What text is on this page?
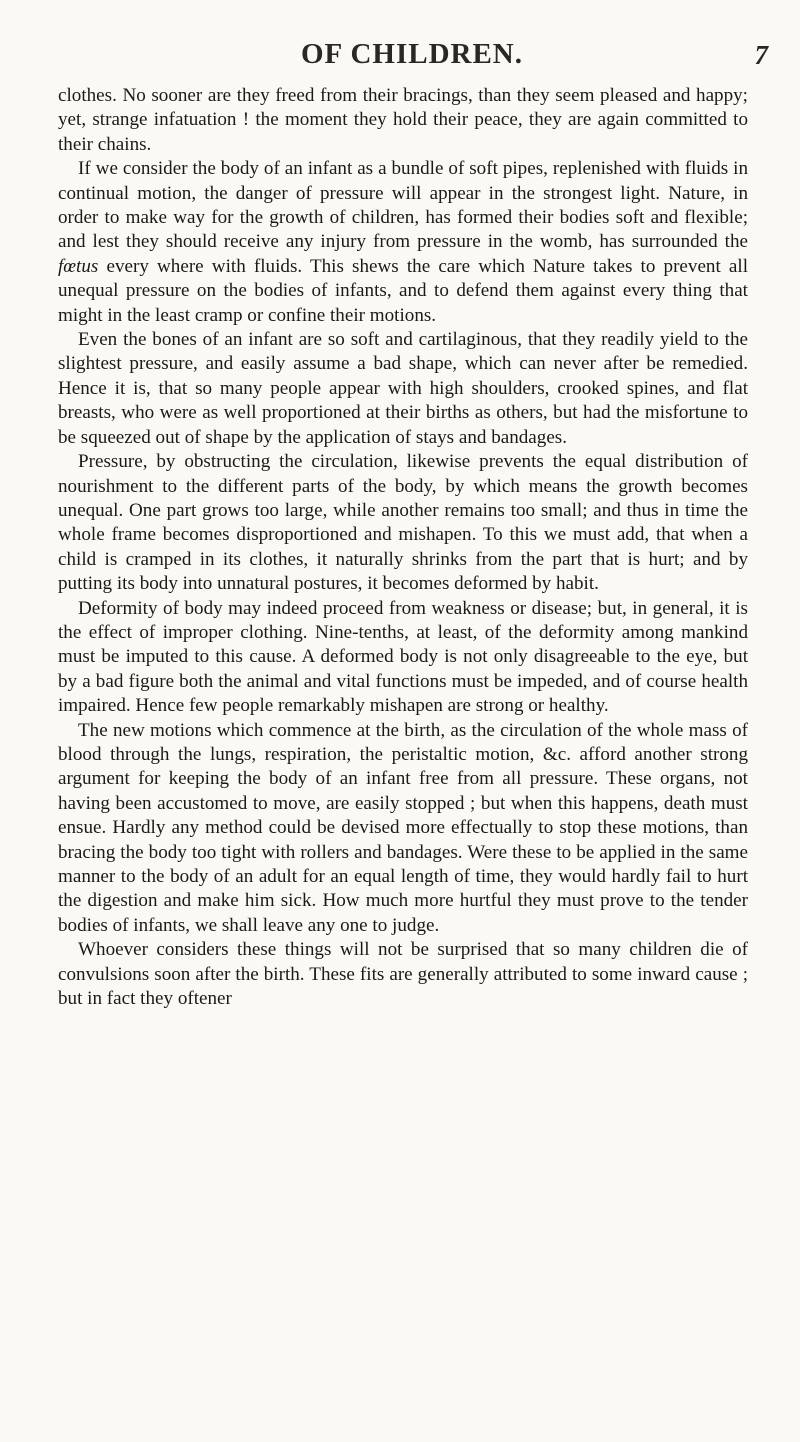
OF CHILDREN.	7

clothes. No sooner are they freed from their bracings, than they seem pleased and happy; yet, strange infatuation ! the moment they hold their peace, they are again committed to their chains.

If we consider the body of an infant as a bundle of soft pipes, replenished with fluids in continual motion, the danger of pressure will appear in the strongest light. Nature, in order to make way for the growth of children, has formed their bodies soft and flexible; and lest they should receive any injury from pressure in the womb, has surrounded the fœtus every where with fluids. This shews the care which Nature takes to prevent all unequal pressure on the bodies of infants, and to defend them against every thing that might in the least cramp or confine their motions.

Even the bones of an infant are so soft and cartilaginous, that they readily yield to the slightest pressure, and easily assume a bad shape, which can never after be remedied. Hence it is, that so many people appear with high shoulders, crooked spines, and flat breasts, who were as well proportioned at their births as others, but had the misfortune to be squeezed out of shape by the application of stays and bandages.

Pressure, by obstructing the circulation, likewise prevents the equal distribution of nourishment to the different parts of the body, by which means the growth becomes unequal. One part grows too large, while another remains too small; and thus in time the whole frame becomes disproportioned and mishapen. To this we must add, that when a child is cramped in its clothes, it naturally shrinks from the part that is hurt; and by putting its body into unnatural postures, it becomes deformed by habit.

Deformity of body may indeed proceed from weakness or disease; but, in general, it is the effect of improper clothing. Nine-tenths, at least, of the deformity among mankind must be imputed to this cause. A deformed body is not only disagreeable to the eye, but by a bad figure both the animal and vital functions must be impeded, and of course health impaired. Hence few people remarkably mishapen are strong or healthy.

The new motions which commence at the birth, as the circulation of the whole mass of blood through the lungs, respiration, the peristaltic motion, &c. afford another strong argument for keeping the body of an infant free from all pressure. These organs, not having been accustomed to move, are easily stopped ; but when this happens, death must ensue. Hardly any method could be devised more effectually to stop these motions, than bracing the body too tight with rollers and bandages. Were these to be applied in the same manner to the body of an adult for an equal length of time, they would hardly fail to hurt the digestion and make him sick. How much more hurtful they must prove to the tender bodies of infants, we shall leave any one to judge.

Whoever considers these things will not be surprised that so many children die of convulsions soon after the birth. These fits are generally attributed to some inward cause ; but in fact they oftener
